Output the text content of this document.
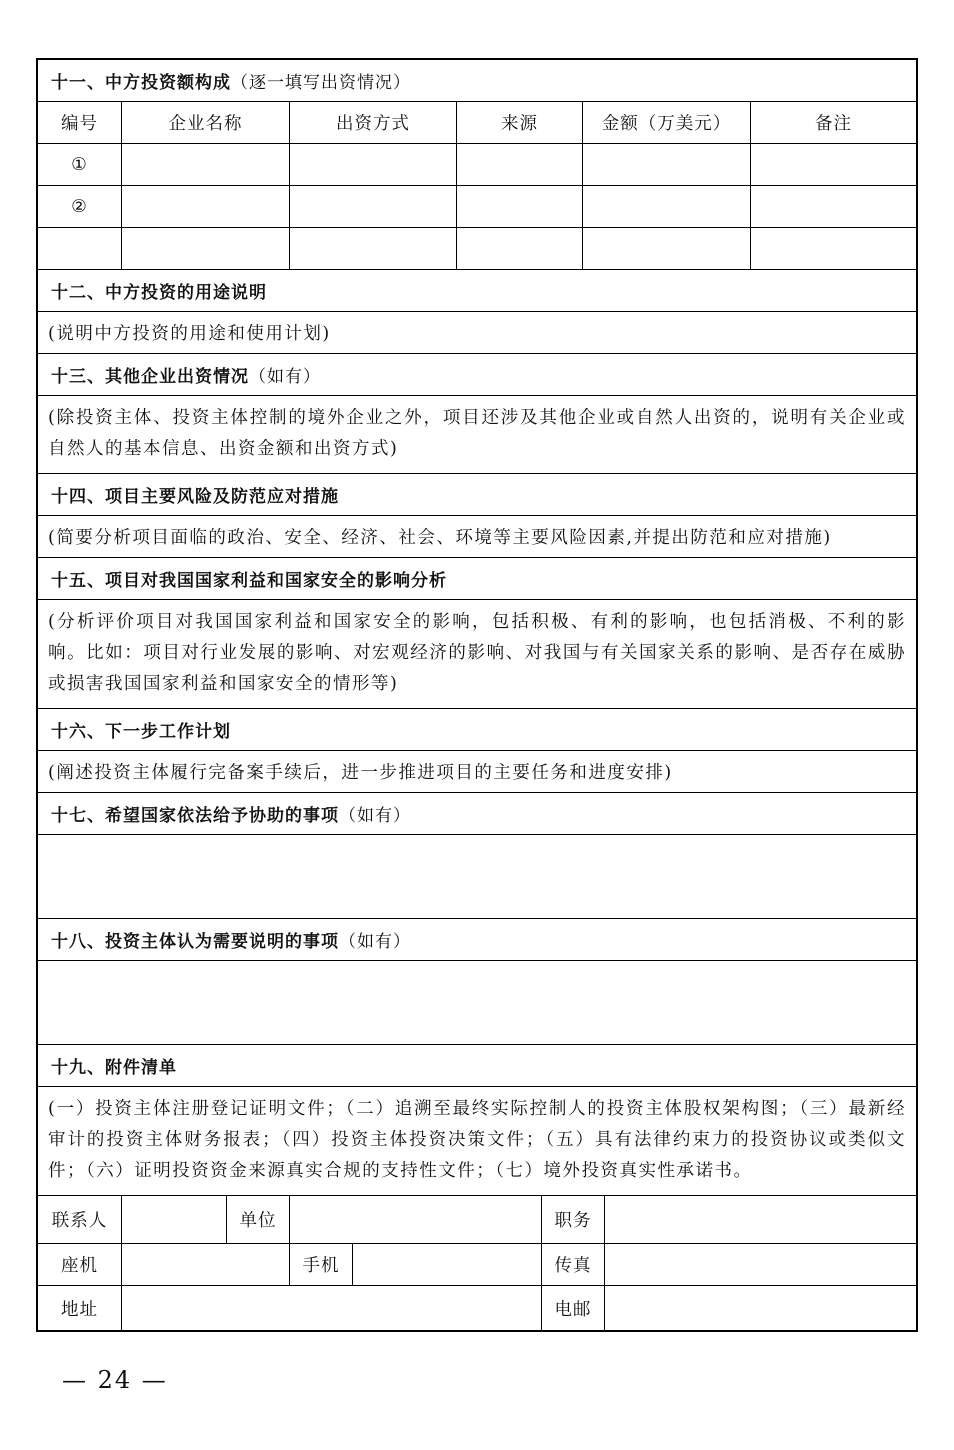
十一、中方投资额构成 （逐一填写出资情况）
编号	企业名称	出资方式	来源	金额（万美元）	备注
①
②
十二、中方投资的用途说明
(说明中方投资的用途和使用计划)
十三、其他企业出资情况 （如有）
(除投资主体、投资主体控制的境外企业之外，项目还涉及其他企业或自然人出资的，说明有关企业或自然人的基本信息、出资金额和出资方式)
十四、项目主要风险及防范应对措施
(简要分析项目面临的政治、安全、经济、社会、环境等主要风险因素,并提出防范和应对措施)
十五、项目对我国国家利益和国家安全的影响分析
(分析评价项目对我国国家利益和国家安全的影响，包括积极、有利的影响，也包括消极、不利的影响。比如：项目对行业发展的影响、对宏观经济的影响、对我国与有关国家关系的影响、是否存在威胁或损害我国国家利益和国家安全的情形等)
十六、下一步工作计划
(阐述投资主体履行完备案手续后，进一步推进项目的主要任务和进度安排)
十七、希望国家依法给予协助的事项 （如有）
十八、投资主体认为需要说明的事项 （如有）
十九、附件清单
(一）投资主体注册登记证明文件；（二）追溯至最终实际控制人的投资主体股权架构图；（三）最新经审计的投资主体财务报表；（四）投资主体投资决策文件；（五）具有法律约束力的投资协议或类似文件；（六）证明投资资金来源真实合规的支持性文件；（七）境外投资真实性承诺书。
联系人	单位	职务
座机	手机	传真
地址	电邮
— 24 —
